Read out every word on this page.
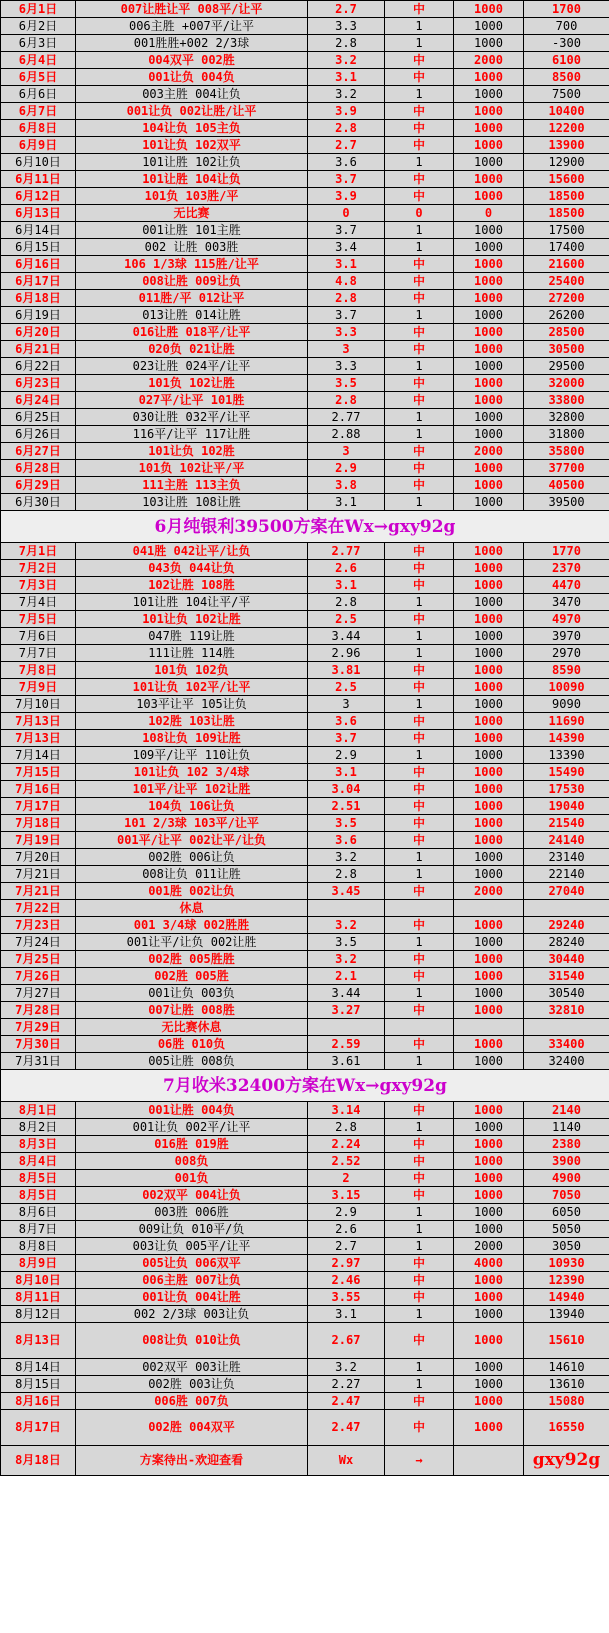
6月1日	007让胜让平 008平/让平	2.7	中	1000	1700
6月2日	006主胜 +007平/让平	3.3	1	1000	700
6月3日	001胜胜+002 2/3球	2.8	1	1000	-300
6月4日	004双平 002胜	3.2	中	2000	6100
6月5日	001让负 004负	3.1	中	1000	8500
6月6日	003主胜 004让负	3.2	1	1000	7500
6月7日	001让负 002让胜/让平	3.9	中	1000	10400
6月8日	104让负 105主负	2.8	中	1000	12200
6月9日	101让负 102双平	2.7	中	1000	13900
6月10日	101让胜 102让负	3.6	1	1000	12900
6月11日	101让胜 104让负	3.7	中	1000	15600
6月12日	101负 103胜/平	3.9	中	1000	18500
6月13日	无比赛	0	0	0	18500
6月14日	001让胜 101主胜	3.7	1	1000	17500
6月15日	002 让胜 003胜	3.4	1	1000	17400
6月16日	106 1/3球 115胜/让平	3.1	中	1000	21600
6月17日	008让胜 009让负	4.8	中	1000	25400
6月18日	011胜/平 012让平	2.8	中	1000	27200
6月19日	013让胜 014让胜	3.7	1	1000	26200
6月20日	016让胜 018平/让平	3.3	中	1000	28500
6月21日	020负 021让胜	3	中	1000	30500
6月22日	023让胜 024平/让平	3.3	1	1000	29500
6月23日	101负 102让胜	3.5	中	1000	32000
6月24日	027平/让平 101胜	2.8	中	1000	33800
6月25日	030让胜 032平/让平	2.77	1	1000	32800
6月26日	116平/让平 117让胜	2.88	1	1000	31800
6月27日	101让负 102胜	3	中	2000	35800
6月28日	101负 102让平/平	2.9	中	1000	37700
6月29日	111主胜 113主负	3.8	中	1000	40500
6月30日	103让胜 108让胜	3.1	1	1000	39500
6月纯银利39500方案在Wx→gxy92g					
7月1日	041胜 042让平/让负	2.77	中	1000	1770
7月2日	043负 044让负	2.6	中	1000	2370
7月3日	102让胜 108胜	3.1	中	1000	4470
7月4日	101让胜 104让平/平	2.8	1	1000	3470
7月5日	101让负 102让胜	2.5	中	1000	4970
7月6日	047胜 119让胜	3.44	1	1000	3970
7月7日	111让胜 114胜	2.96	1	1000	2970
7月8日	101负 102负	3.81	中	1000	8590
7月9日	101让负 102平/让平	2.5	中	1000	10090
7月10日	103平让平 105让负	3	1	1000	9090
7月13日	102胜 103让胜	3.6	中	1000	11690
7月13日	108让负 109让胜	3.7	中	1000	14390
7月14日	109平/让平 110让负	2.9	1	1000	13390
7月15日	101让负 102 3/4球	3.1	中	1000	15490
7月16日	101平/让平 102让胜	3.04	中	1000	17530
7月17日	104负 106让负	2.51	中	1000	19040
7月18日	101 2/3球 103平/让平	3.5	中	1000	21540
7月19日	001平/让平 002让平/让负	3.6	中	1000	24140
7月20日	002胜 006让负	3.2	1	1000	23140
7月21日	008让负 011让胜	2.8	1	1000	22140
7月21日	001胜 002让负	3.45	中	2000	27040
7月22日	休息				
7月23日	001 3/4球 002胜胜	3.2	中	1000	29240
7月24日	001让平/让负 002让胜	3.5	1	1000	28240
7月25日	002胜 005胜胜	3.2	中	1000	30440
7月26日	002胜 005胜	2.1	中	1000	31540
7月27日	001让负 003负	3.44	1	1000	30540
7月28日	007让胜 008胜	3.27	中	1000	32810
7月29日	无比赛休息				
7月30日	06胜 010负	2.59	中	1000	33400
7月31日	005让胜 008负	3.61	1	1000	32400
7月收米32400方案在Wx→gxy92g					
8月1日	001让胜 004负	3.14	中	1000	2140
8月2日	001让负 002平/让平	2.8	1	1000	1140
8月3日	016胜 019胜	2.24	中	1000	2380
8月4日	008负	2.52	中	1000	3900
8月5日	001负	2	中	1000	4900
8月5日	002双平 004让负	3.15	中	1000	7050
8月6日	003胜 006胜	2.9	1	1000	6050
8月7日	009让负 010平/负	2.6	1	1000	5050
8月8日	003让负 005平/让平	2.7	1	2000	3050
8月9日	005让负 006双平	2.97	中	4000	10930
8月10日	006主胜 007让负	2.46	中	1000	12390
8月11日	001让负 004让胜	3.55	中	1000	14940
8月12日	002 2/3球 003让负	3.1	1	1000	13940
8月13日	008让负 010让负	2.67	中	1000	15610
8月14日	002双平 003让胜	3.2	1	1000	14610
8月15日	002胜 003让负	2.27	1	1000	13610
8月16日	006胜 007负	2.47	中	1000	15080
8月17日	002胜 004双平	2.47	中	1000	16550
8月18日	方案待出-欢迎查看	Wx	→		gxy92g
